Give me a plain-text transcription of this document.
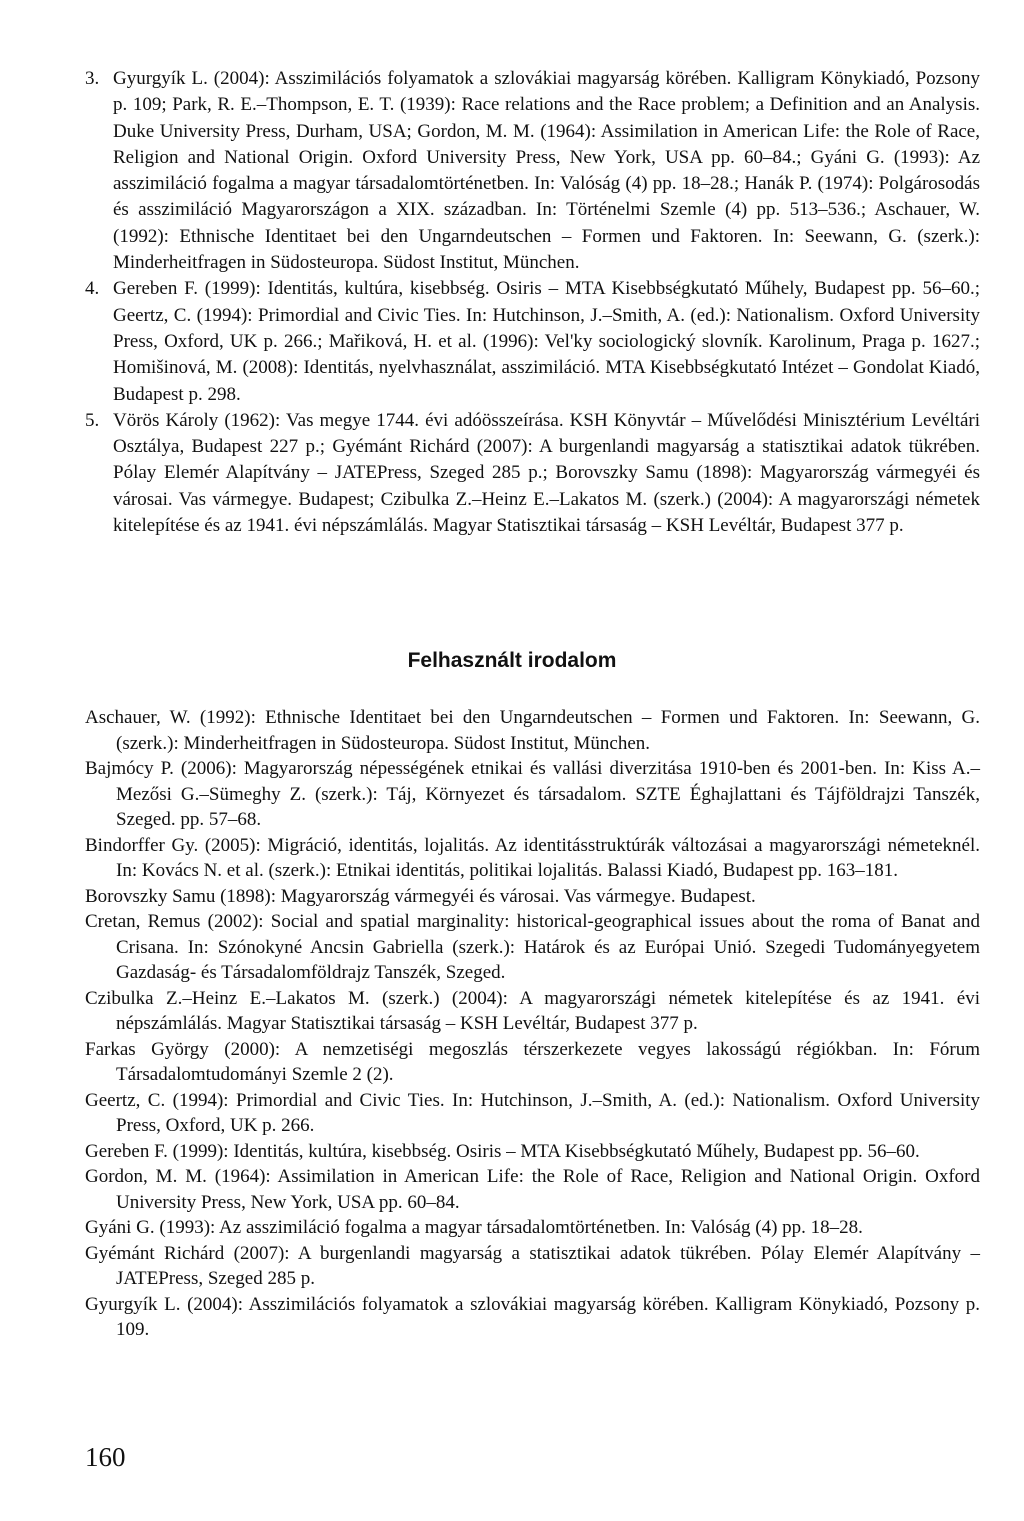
3. Gyurgyík L. (2004): Asszimilációs folyamatok a szlovákiai magyarság körében. Kalligram Könykiadó, Pozsony p. 109; Park, R. E.–Thompson, E. T. (1939): Race relations and the Race problem; a Definition and an Analysis. Duke University Press, Durham, USA; Gordon, M. M. (1964): Assimilation in American Life: the Role of Race, Religion and National Origin. Oxford University Press, New York, USA pp. 60–84.; Gyáni G. (1993): Az asszimiláció fogalma a magyar társadalomtörténetben. In: Valóság (4) pp. 18–28.; Hanák P. (1974): Polgárosodás és asszimiláció Magyarországon a XIX. században. In: Történelmi Szemle (4) pp. 513–536.; Aschauer, W. (1992): Ethnische Identitaet bei den Ungarndeutschen – Formen und Faktoren. In: Seewann, G. (szerk.): Minderheitfragen in Südosteuropa. Südost Institut, München.
4. Gereben F. (1999): Identitás, kultúra, kisebbség. Osiris – MTA Kisebbségkutató Műhely, Budapest pp. 56–60.; Geertz, C. (1994): Primordial and Civic Ties. In: Hutchinson, J.–Smith, A. (ed.): Nationalism. Oxford University Press, Oxford, UK p. 266.; Mařiková, H. et al. (1996): Vel'ky sociologický slovník. Karolinum, Praga p. 1627.; Homišinová, M. (2008): Identitás, nyelvhasználat, asszimiláció. MTA Kisebbségkutató Intézet – Gondolat Kiadó, Budapest p. 298.
5. Vörös Károly (1962): Vas megye 1744. évi adóösszeírása. KSH Könyvtár – Művelődési Minisztérium Levéltári Osztálya, Budapest 227 p.; Gyémánt Richárd (2007): A burgenlandi magyarság a statisztikai adatok tükrében. Pólay Elemér Alapítvány – JATEPress, Szeged 285 p.; Borovszky Samu (1898): Magyarország vármegyéi és városai. Vas vármegye. Budapest; Czibulka Z.–Heinz E.–Lakatos M. (szerk.) (2004): A magyarországi németek kitelepítése és az 1941. évi népszámlálás. Magyar Statisztikai társaság – KSH Levéltár, Budapest 377 p.
Felhasznált irodalom
Aschauer, W. (1992): Ethnische Identitaet bei den Ungarndeutschen – Formen und Faktoren. In: Seewann, G. (szerk.): Minderheitfragen in Südosteuropa. Südost Institut, München.
Bajmócy P. (2006): Magyarország népességének etnikai és vallási diverzitása 1910-ben és 2001-ben. In: Kiss A.–Mezősi G.–Sümeghy Z. (szerk.): Táj, Környezet és társadalom. SZTE Éghajlattani és Tájföldrajzi Tanszék, Szeged. pp. 57–68.
Bindorffer Gy. (2005): Migráció, identitás, lojalitás. Az identitásstruktúrák változásai a magyarországi németeknél. In: Kovács N. et al. (szerk.): Etnikai identitás, politikai lojalitás. Balassi Kiadó, Budapest pp. 163–181.
Borovszky Samu (1898): Magyarország vármegyéi és városai. Vas vármegye. Budapest.
Cretan, Remus (2002): Social and spatial marginality: historical-geographical issues about the roma of Banat and Crisana. In: Szónokyné Ancsin Gabriella (szerk.): Határok és az Európai Unió. Szegedi Tudományegyetem Gazdaság- és Társadalomföldrajz Tanszék, Szeged.
Czibulka Z.–Heinz E.–Lakatos M. (szerk.) (2004): A magyarországi németek kitelepítése és az 1941. évi népszámlálás. Magyar Statisztikai társaság – KSH Levéltár, Budapest 377 p.
Farkas György (2000): A nemzetiségi megoszlás térszerkezete vegyes lakosságú régiókban. In: Fórum Társadalomtudományi Szemle 2 (2).
Geertz, C. (1994): Primordial and Civic Ties. In: Hutchinson, J.–Smith, A. (ed.): Nationalism. Oxford University Press, Oxford, UK p. 266.
Gereben F. (1999): Identitás, kultúra, kisebbség. Osiris – MTA Kisebbségkutató Műhely, Budapest pp. 56–60.
Gordon, M. M. (1964): Assimilation in American Life: the Role of Race, Religion and National Origin. Oxford University Press, New York, USA pp. 60–84.
Gyáni G. (1993): Az asszimiláció fogalma a magyar társadalomtörténetben. In: Valóság (4) pp. 18–28.
Gyémánt Richárd (2007): A burgenlandi magyarság a statisztikai adatok tükrében. Pólay Elemér Alapítvány – JATEPress, Szeged 285 p.
Gyurgyík L. (2004): Asszimilációs folyamatok a szlovákiai magyarság körében. Kalligram Könykiadó, Pozsony p. 109.
160
